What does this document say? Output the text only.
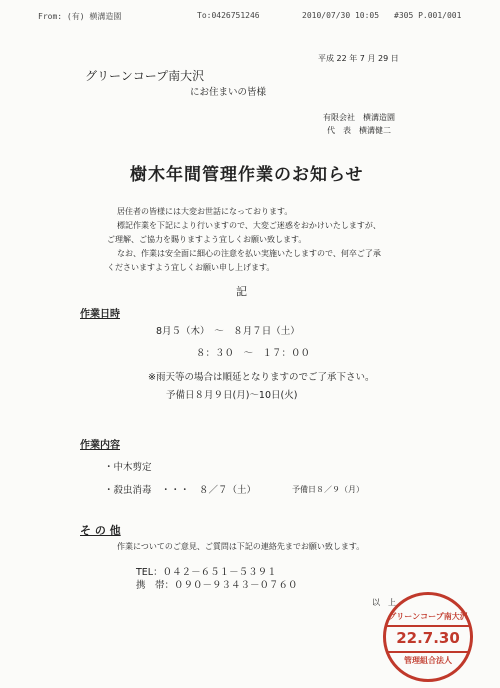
From: (有) 横溝造園	To:0426751246	2010/07/30 10:05 #305 P.001/001
平成 22 年 7 月 29 日
グリーンコープ南大沢
にお住まいの皆様
有限会社　横溝造園
代　表　横溝健二
樹木年間管理作業のお知らせ
居住者の皆様には大変お世話になっております。
標記作業を下記により行いますので、大変ご迷惑をおかけいたしますが、
ご理解、ご協力を賜りますよう宜しくお願い致します。
なお、作業は安全面に細心の注意を払い実施いたしますので、何卒ご了承
くださいますよう宜しくお願い申し上げます。
記
作業日時
8月５（木）　～　８月７日（土）
８：３０　～　１７：００
※雨天等の場合は順延となりますのでご了承下さい。
予備日８月９日(月)～10日(火)
作業内容
・中木剪定
・殺虫消毒　・・・　８／７（土）	予備日８／９（月）
そ の 他
作業についてのご意見、ご質問は下記の連絡先までお願い致します。
TEL：０４２－６５１－５３９１
携　帯：０９０－９３４３－０７６０
以　上
グリーンコープ南大沢
22.7.30
管理組合法人
